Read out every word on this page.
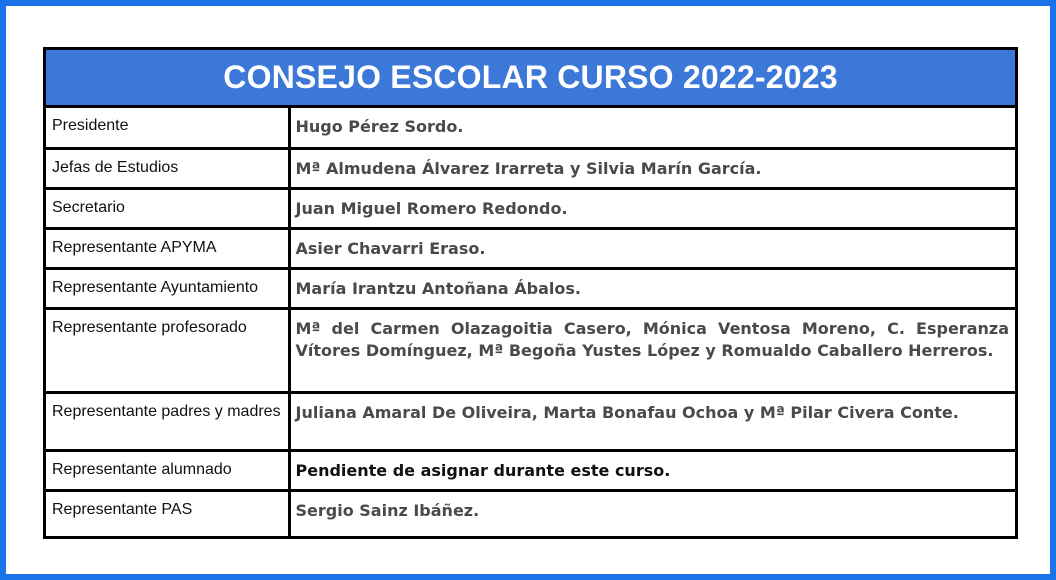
CONSEJO ESCOLAR CURSO 2022-2023
Presidente	Hugo Pérez Sordo.
Jefas de Estudios	Mª Almudena Álvarez Irarreta y Silvia Marín García.
Secretario	Juan Miguel Romero Redondo.
Representante APYMA	Asier Chavarri Eraso.
Representante Ayuntamiento	María Irantzu Antoñana Ábalos.
Representante profesorado	Mª del Carmen Olazagoitia Casero, Mónica Ventosa Moreno, C. Esperanza Vítores Domínguez, Mª Begoña Yustes López y Romualdo Caballero Herreros.
Representante padres y madres	Juliana Amaral De Oliveira, Marta Bonafau Ochoa y Mª Pilar Civera Conte.
Representante alumnado	Pendiente de asignar durante este curso.
Representante PAS	Sergio Sainz Ibáñez.
